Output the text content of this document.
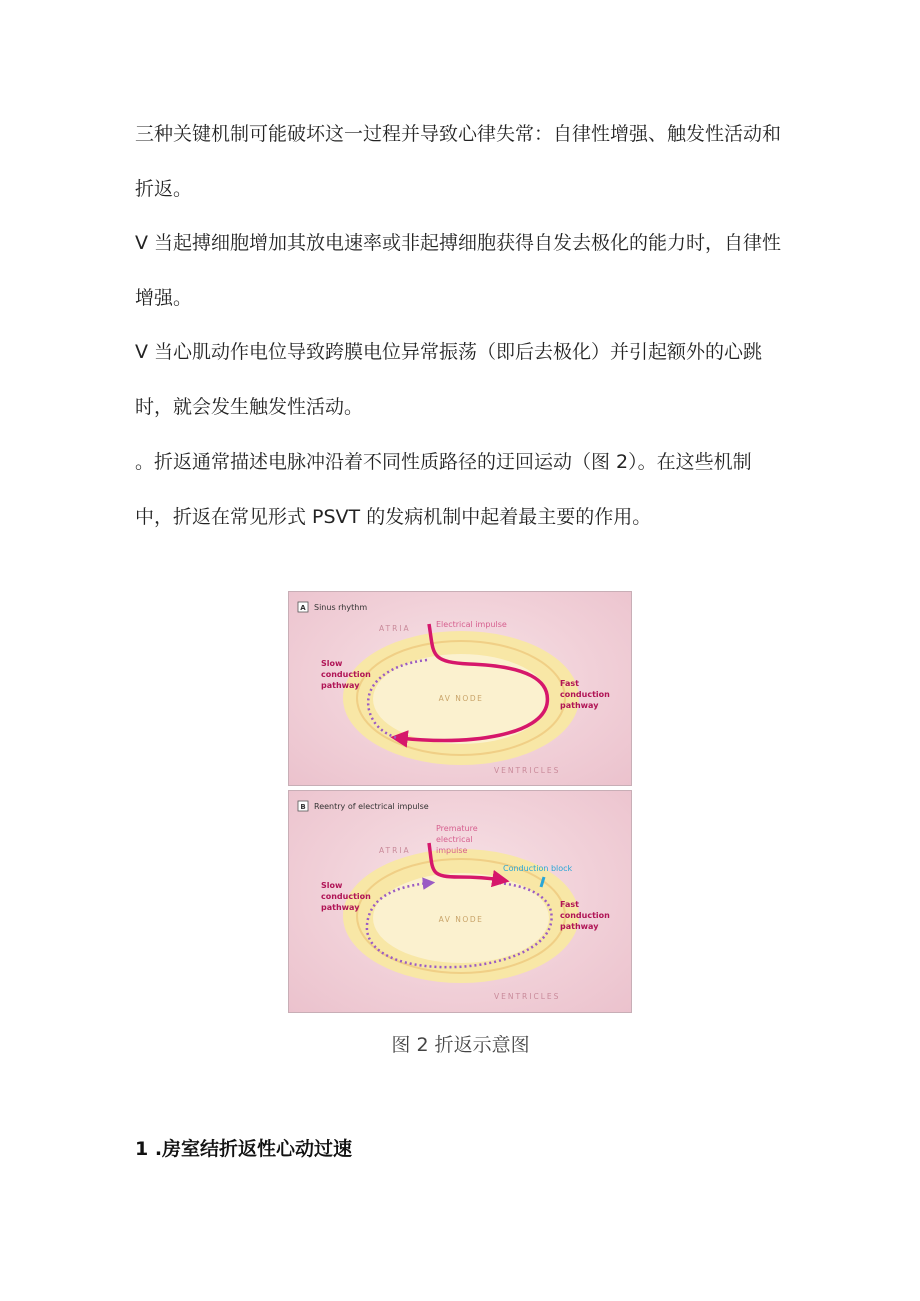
三种关键机制可能破坏这一过程并导致心律失常：自律性增强、触发性活动和折返。

V 当起搏细胞增加其放电速率或非起搏细胞获得自发去极化的能力时，自律性增强。

V 当心肌动作电位导致跨膜电位异常振荡（即后去极化）并引起额外的心跳时，就会发生触发性活动。

。折返通常描述电脉冲沿着不同性质路径的迂回运动（图 2）。在这些机制中，折返在常见形式 PSVT 的发病机制中起着最主要的作用。

A Sinus rhythm
ATRIA	Electrical impulse
Slow
conduction
pathway
AV NODE
Fast
conduction
pathway
VENTRICLES
B Reentry of electrical impulse
ATRIA
Premature
electrical
impulse
Conduction block
Slow
conduction
pathway
AV NODE
Fast
conduction
pathway
VENTRICLES
图 2 折返示意图
1 .房室结折返性心动过速
